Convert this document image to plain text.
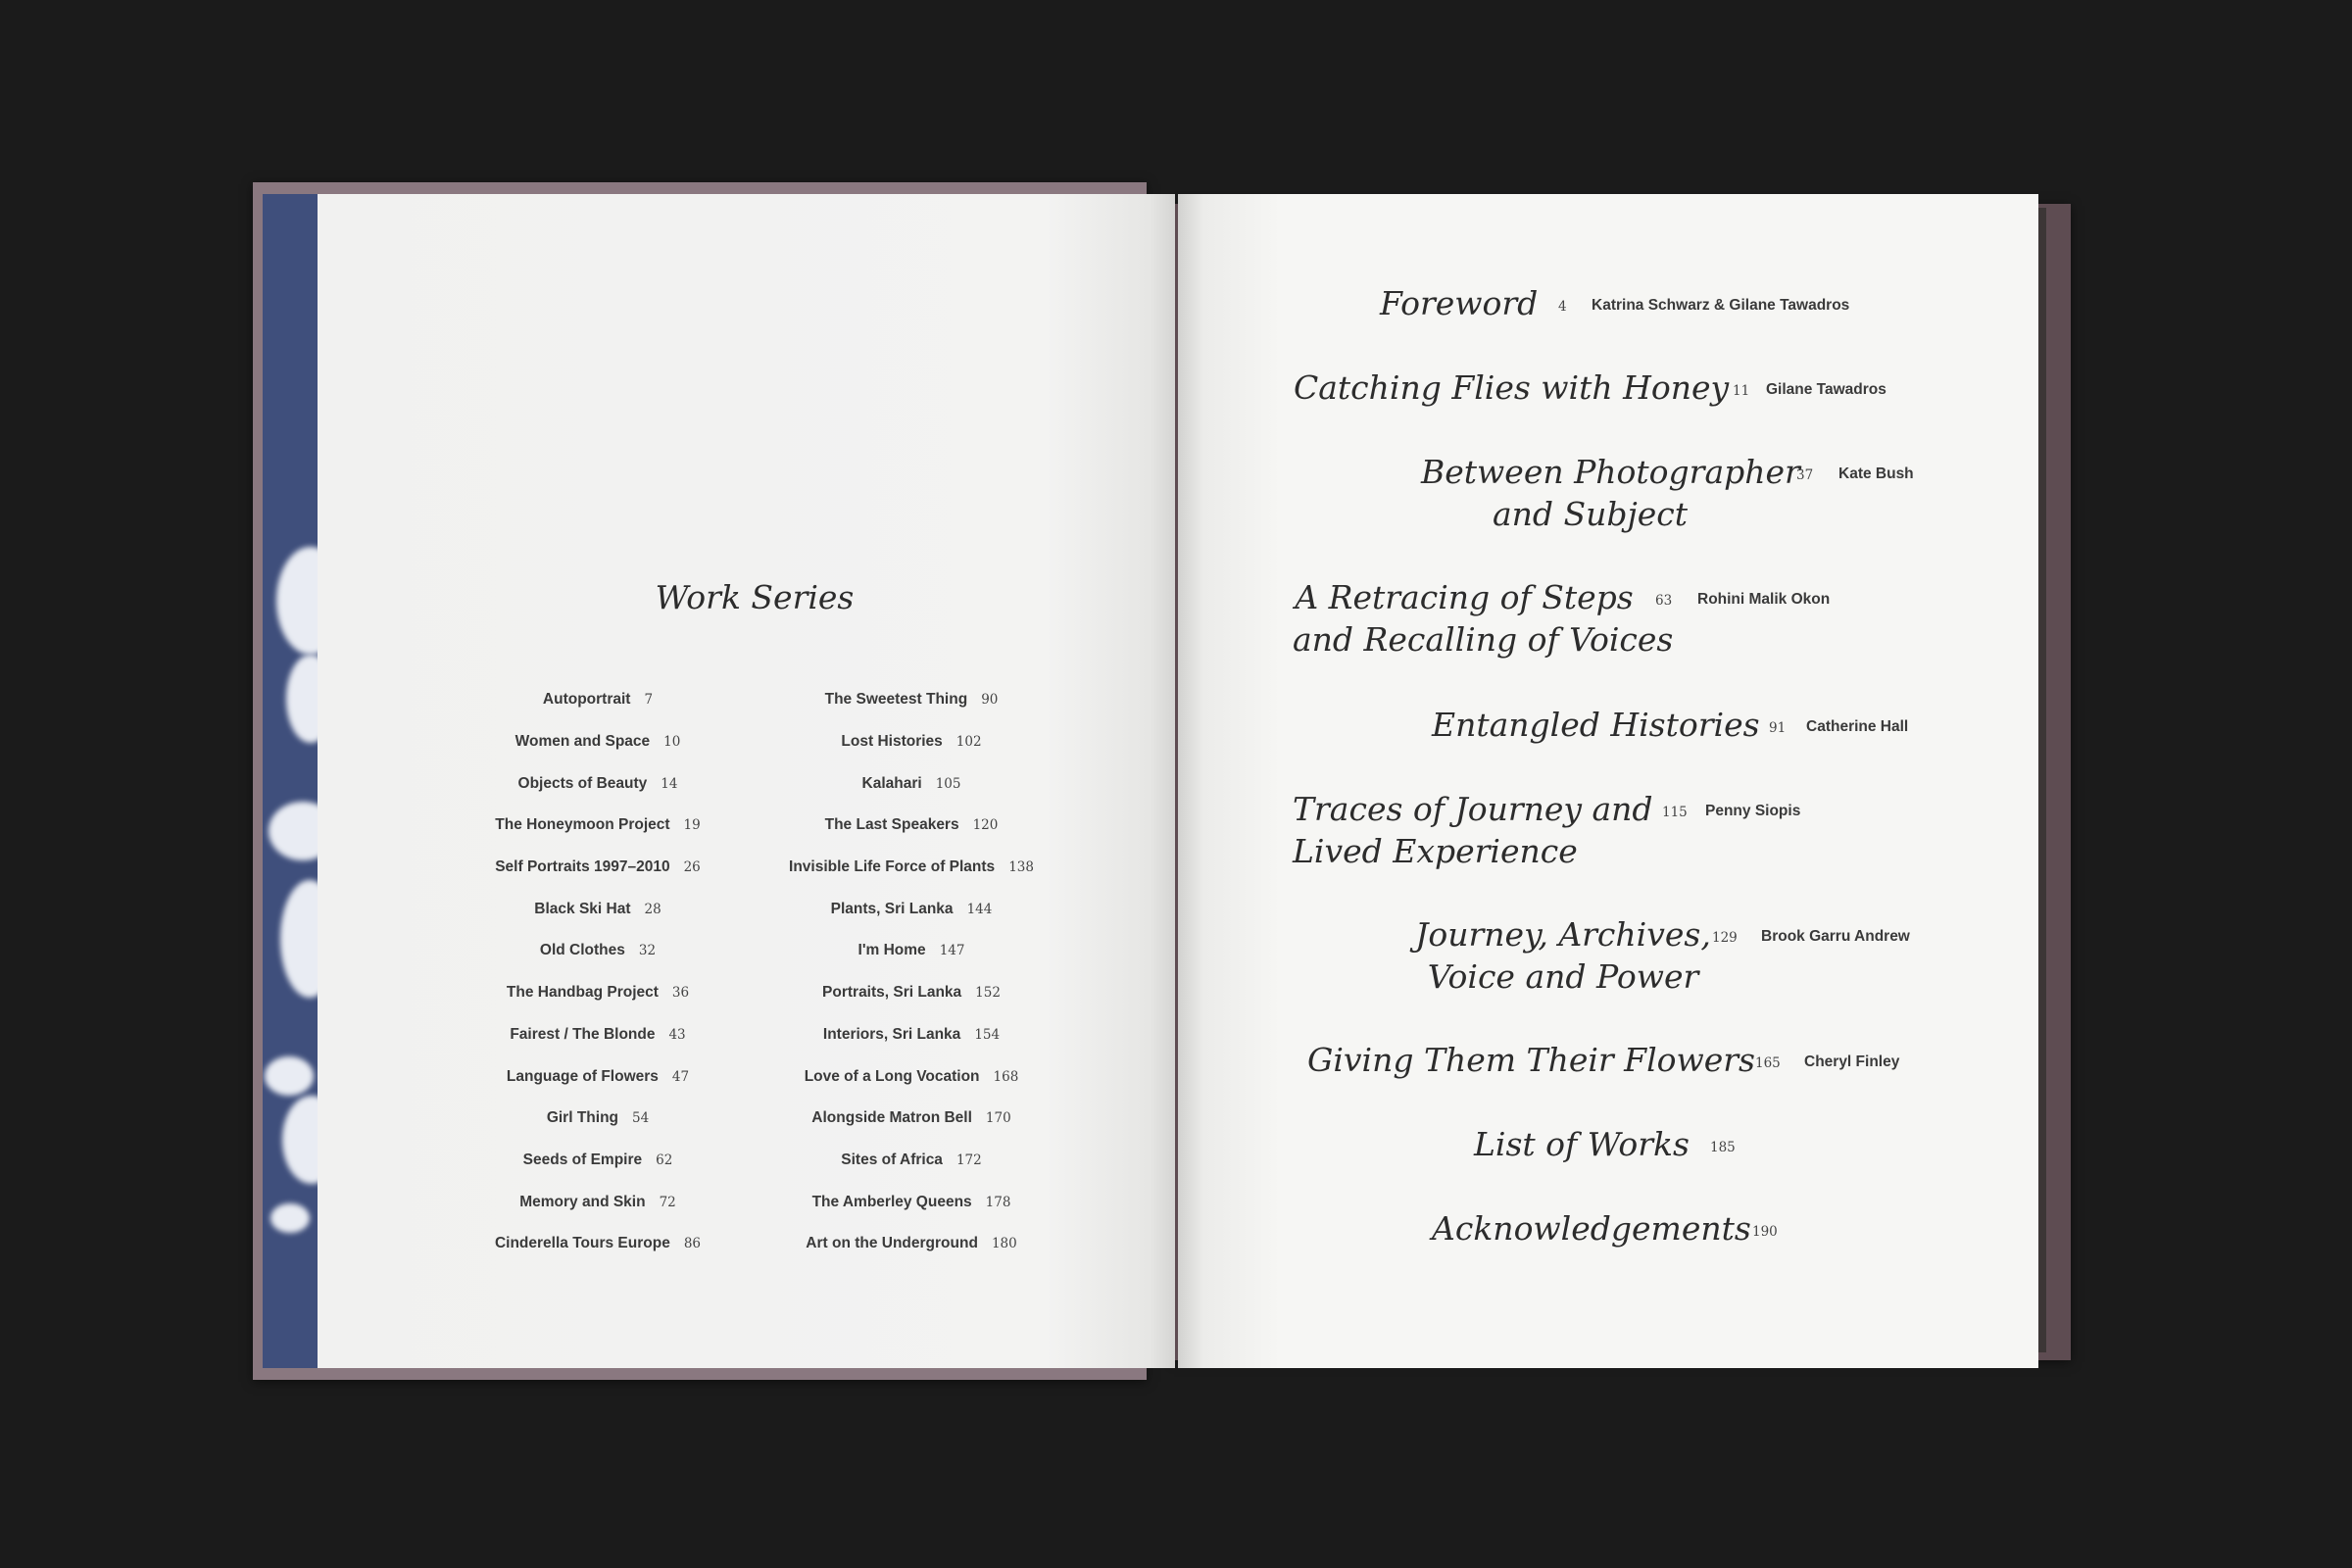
Work Series
Autoportrait 7
Women and Space 10
Objects of Beauty 14
The Honeymoon Project 19
Self Portraits 1997–2010 26
Black Ski Hat 28
Old Clothes 32
The Handbag Project 36
Fairest / The Blonde 43
Language of Flowers 47
Girl Thing 54
Seeds of Empire 62
Memory and Skin 72
Cinderella Tours Europe 86
The Sweetest Thing 90
Lost Histories 102
Kalahari 105
The Last Speakers 120
Invisible Life Force of Plants 138
Plants, Sri Lanka 144
I'm Home 147
Portraits, Sri Lanka 152
Interiors, Sri Lanka 154
Love of a Long Vocation 168
Alongside Matron Bell 170
Sites of Africa 172
The Amberley Queens 178
Art on the Underground 180
Foreword 4 Katrina Schwarz & Gilane Tawadros
Catching Flies with Honey 11 Gilane Tawadros
Between Photographer
and Subject
37 Kate Bush
A Retracing of Steps
and Recalling of Voices
63 Rohini Malik Okon
Entangled Histories 91 Catherine Hall
Traces of Journey and
Lived Experience
115 Penny Siopis
Journey, Archives,
Voice and Power
129 Brook Garru Andrew
Giving Them Their Flowers 165 Cheryl Finley
List of Works 185
Acknowledgements 190
